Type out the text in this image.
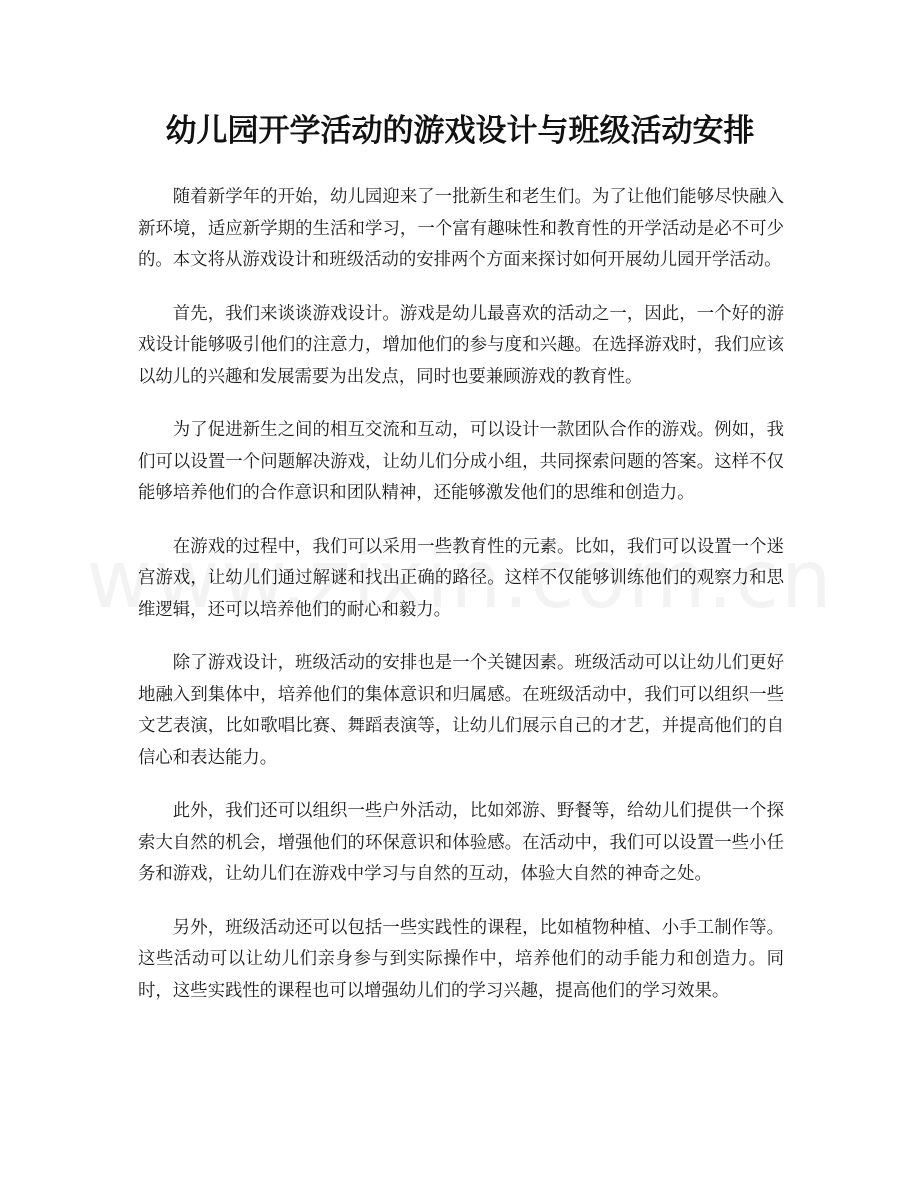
幼儿园开学活动的游戏设计与班级活动安排

随着新学年的开始，幼儿园迎来了一批新生和老生们。为了让他们能够尽快融入新环境，适应新学期的生活和学习，一个富有趣味性和教育性的开学活动是必不可少的。本文将从游戏设计和班级活动的安排两个方面来探讨如何开展幼儿园开学活动。

首先，我们来谈谈游戏设计。游戏是幼儿最喜欢的活动之一，因此，一个好的游戏设计能够吸引他们的注意力，增加他们的参与度和兴趣。在选择游戏时，我们应该以幼儿的兴趣和发展需要为出发点，同时也要兼顾游戏的教育性。

为了促进新生之间的相互交流和互动，可以设计一款团队合作的游戏。例如，我们可以设置一个问题解决游戏，让幼儿们分成小组，共同探索问题的答案。这样不仅能够培养他们的合作意识和团队精神，还能够激发他们的思维和创造力。

在游戏的过程中，我们可以采用一些教育性的元素。比如，我们可以设置一个迷宫游戏，让幼儿们通过解谜和找出正确的路径。这样不仅能够训练他们的观察力和思维逻辑，还可以培养他们的耐心和毅力。

除了游戏设计，班级活动的安排也是一个关键因素。班级活动可以让幼儿们更好地融入到集体中，培养他们的集体意识和归属感。在班级活动中，我们可以组织一些文艺表演，比如歌唱比赛、舞蹈表演等，让幼儿们展示自己的才艺，并提高他们的自信心和表达能力。

此外，我们还可以组织一些户外活动，比如郊游、野餐等，给幼儿们提供一个探索大自然的机会，增强他们的环保意识和体验感。在活动中，我们可以设置一些小任务和游戏，让幼儿们在游戏中学习与自然的互动，体验大自然的神奇之处。

另外，班级活动还可以包括一些实践性的课程，比如植物种植、小手工制作等。这些活动可以让幼儿们亲身参与到实际操作中，培养他们的动手能力和创造力。同时，这些实践性的课程也可以增强幼儿们的学习兴趣，提高他们的学习效果。
